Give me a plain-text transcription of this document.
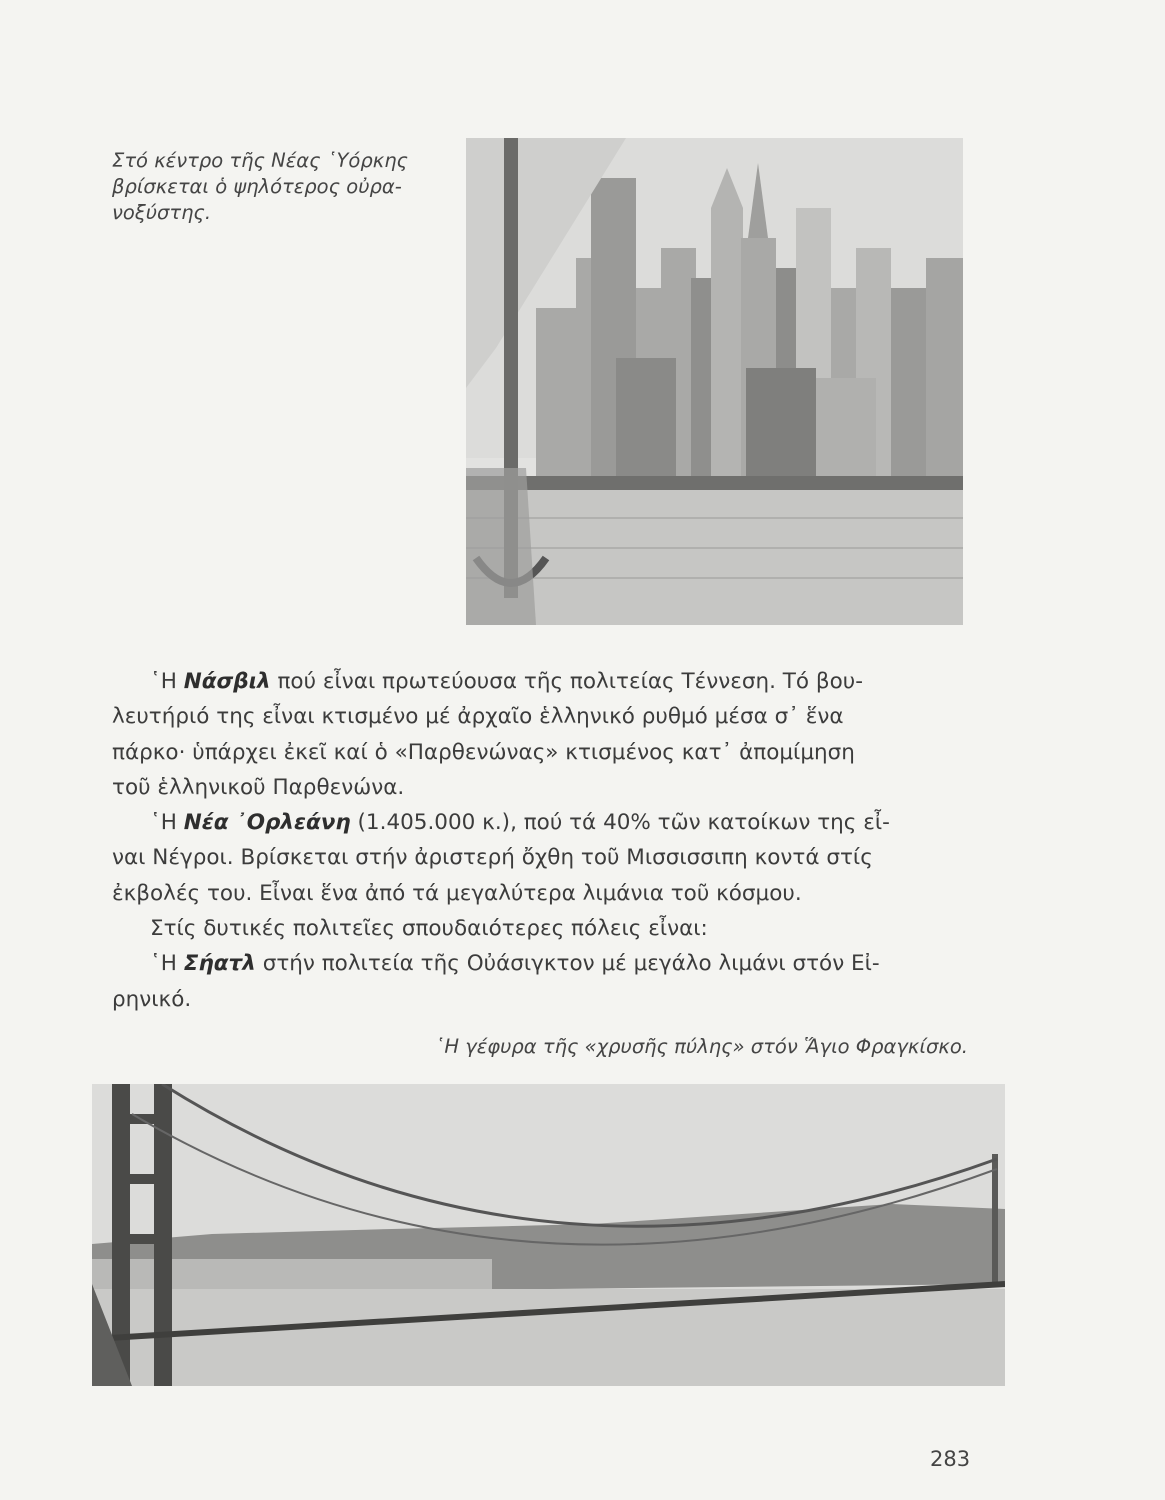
Στό κέντρο τῆς Νέας ῾Υόρκης
βρίσκεται ὁ ψηλότερος οὐρα-
νοξύστης.

῾Η Νάσβιλ πού εἶναι πρωτεύουσα τῆς πολιτείας Τέννεση. Τό βου-
λευτήριό της εἶναι κτισμένο μέ ἀρχαῖο ἑλληνικό ρυθμό μέσα σ᾽ ἕνα
πάρκο· ὑπάρχει ἐκεῖ καί ὁ «Παρθενώνας» κτισμένος κατ᾽ ἀπομίμηση
τοῦ ἑλληνικοῦ Παρθενώνα.
῾Η Νέα ᾿Ορλεάνη (1.405.000 κ.), πού τά 40% τῶν κατοίκων της εἶ-
ναι Νέγροι. Βρίσκεται στήν ἀριστερή ὄχθη τοῦ Μισσισσιπη κοντά στίς
ἐκβολές του. Εἶναι ἕνα ἀπό τά μεγαλύτερα λιμάνια τοῦ κόσμου.
Στίς δυτικές πολιτεῖες σπουδαιότερες πόλεις εἶναι:
῾Η Σήατλ στήν πολιτεία τῆς Οὐάσιγκτον μέ μεγάλο λιμάνι στόν Εἰ-
ρηνικό.

῾Η γέφυρα τῆς «χρυσῆς πύλης» στόν Ἅγιο Φραγκίσκο.

283
